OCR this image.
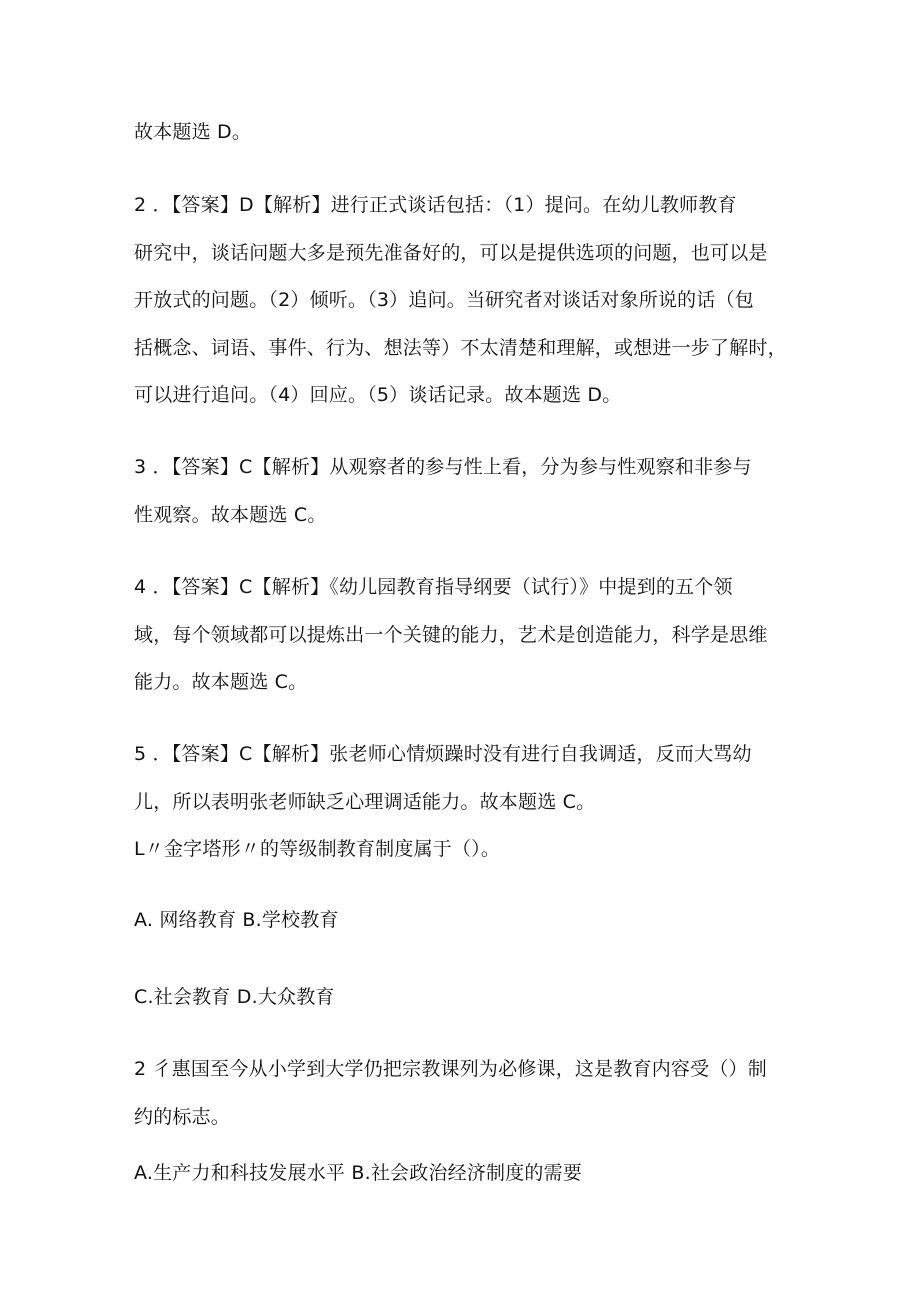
故本题选 D。

2 ．【答案】D【解析】进行正式谈话包括：（1）提问。在幼儿教师教育

研究中，谈话问题大多是预先准备好的，可以是提供选项的问题，也可以是

开放式的问题。（2）倾听。（3）追问。当研究者对谈话对象所说的话（包

括概念、词语、事件、行为、想法等）不太清楚和理解，或想进一步了解时，

可以进行追问。（4）回应。（5）谈话记录。故本题选 D。

3 ．【答案】C【解析】从观察者的参与性上看，分为参与性观察和非参与

性观察。故本题选 C。

4 ．【答案】C【解析】《幼儿园教育指导纲要（试行）》中提到的五个领

域，每个领域都可以提炼出一个关键的能力，艺术是创造能力，科学是思维

能力。故本题选 C。

5 ．【答案】C【解析】张老师心情烦躁时没有进行自我调适，反而大骂幼

儿，所以表明张老师缺乏心理调适能力。故本题选 C。

L〃金字塔形〃的等级制教育制度属于（）。

A. 网络教育 B.学校教育

C.社会教育 D.大众教育

2 彳惠国至今从小学到大学仍把宗教课列为必修课，这是教育内容受（）制

约的标志。

A.生产力和科技发展水平 B.社会政治经济制度的需要
